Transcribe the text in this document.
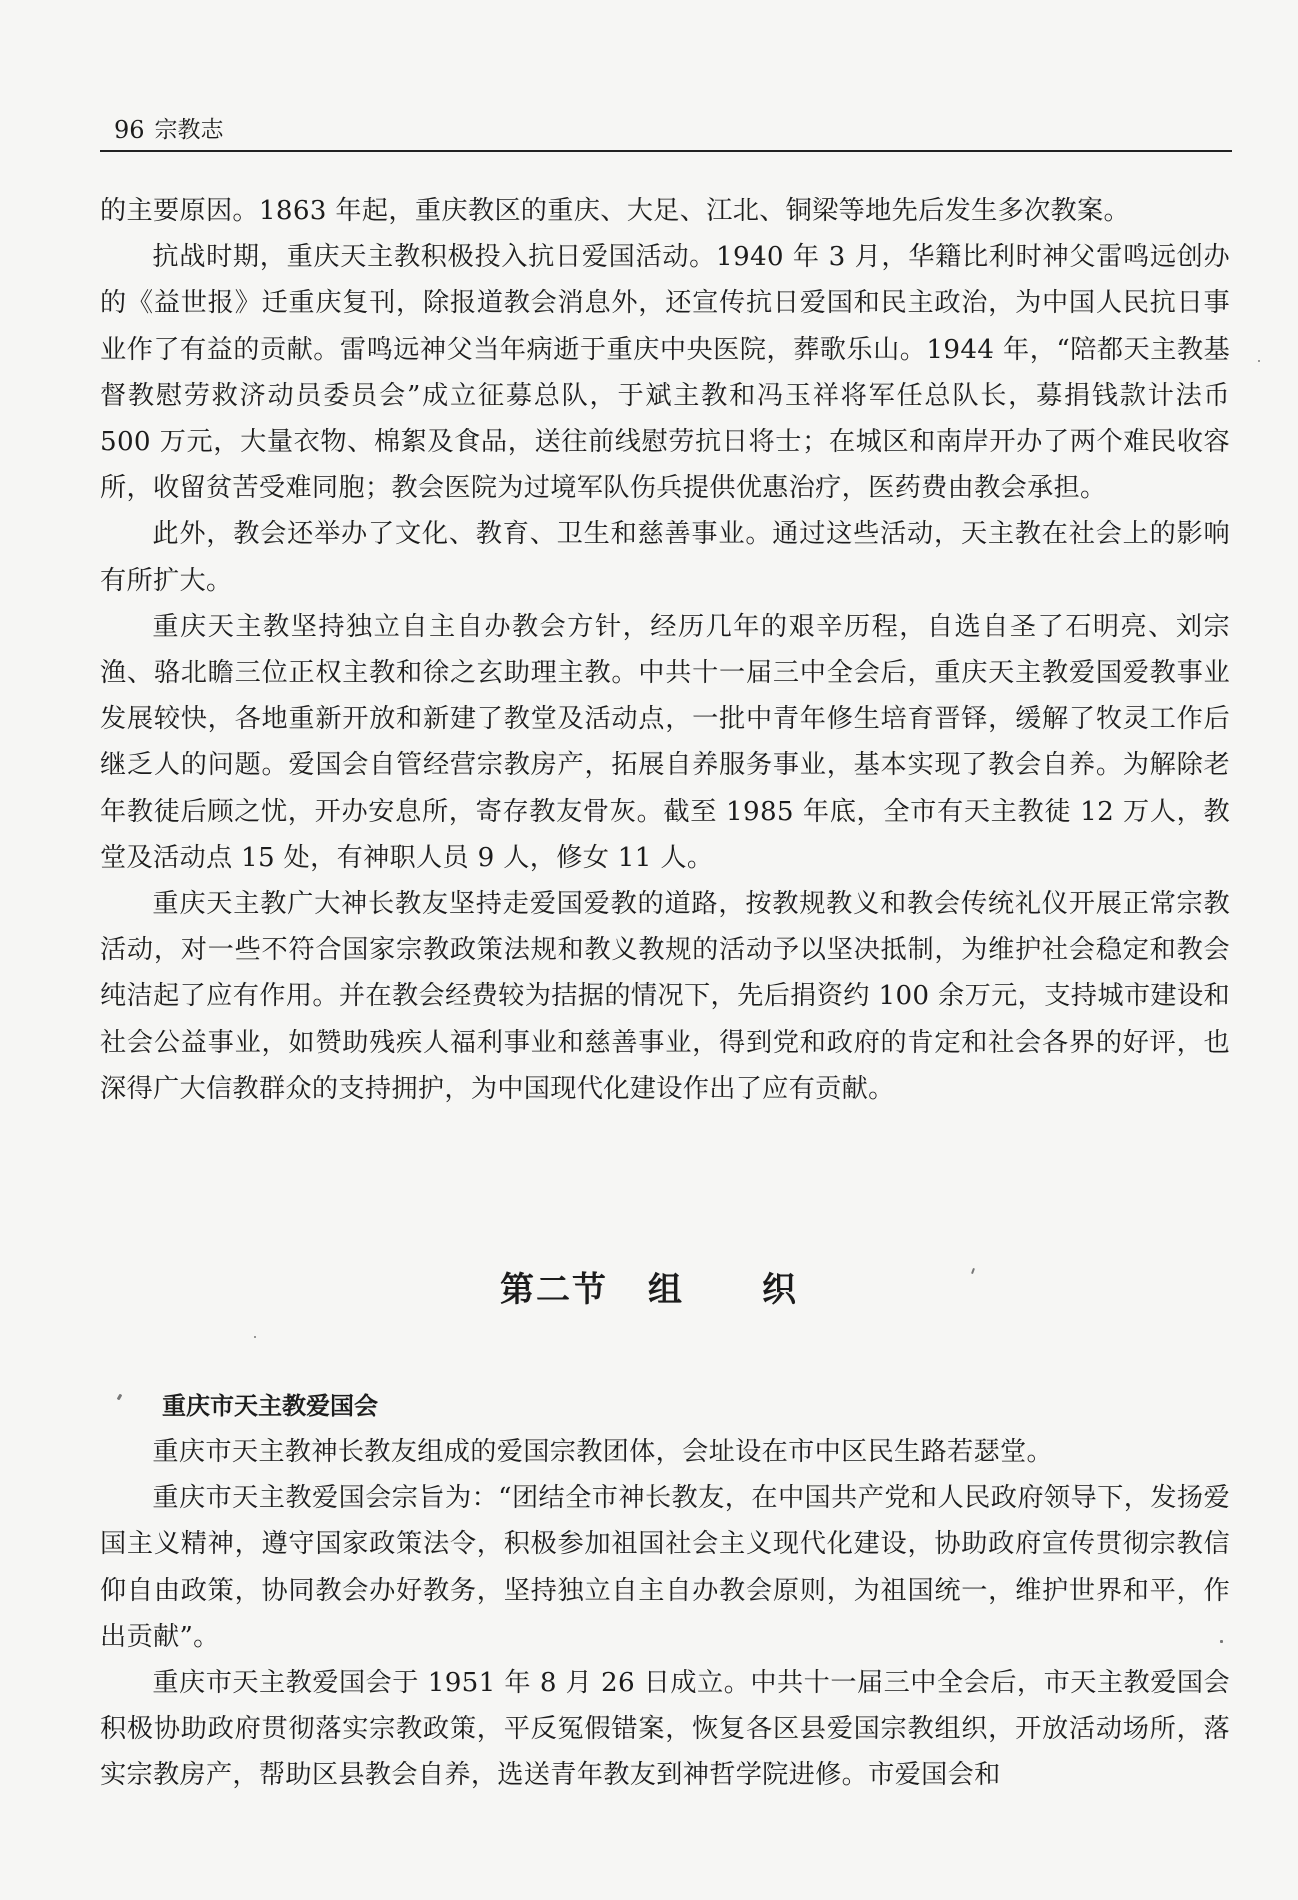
96 宗教志

的主要原因。1863 年起，重庆教区的重庆、大足、江北、铜梁等地先后发生多次教案。

抗战时期，重庆天主教积极投入抗日爱国活动。1940 年 3 月，华籍比利时神父雷鸣远创办的《益世报》迁重庆复刊，除报道教会消息外，还宣传抗日爱国和民主政治，为中国人民抗日事业作了有益的贡献。雷鸣远神父当年病逝于重庆中央医院，葬歌乐山。1944 年，“陪都天主教基督教慰劳救济动员委员会”成立征募总队，于斌主教和冯玉祥将军任总队长，募捐钱款计法币 500 万元，大量衣物、棉絮及食品，送往前线慰劳抗日将士；在城区和南岸开办了两个难民收容所，收留贫苦受难同胞；教会医院为过境军队伤兵提供优惠治疗，医药费由教会承担。

此外，教会还举办了文化、教育、卫生和慈善事业。通过这些活动，天主教在社会上的影响有所扩大。

重庆天主教坚持独立自主自办教会方针，经历几年的艰辛历程，自选自圣了石明亮、刘宗渔、骆北瞻三位正权主教和徐之玄助理主教。中共十一届三中全会后，重庆天主教爱国爱教事业发展较快，各地重新开放和新建了教堂及活动点，一批中青年修生培育晋铎，缓解了牧灵工作后继乏人的问题。爱国会自管经营宗教房产，拓展自养服务事业，基本实现了教会自养。为解除老年教徒后顾之忧，开办安息所，寄存教友骨灰。截至 1985 年底，全市有天主教徒 12 万人，教堂及活动点 15 处，有神职人员 9 人，修女 11 人。

重庆天主教广大神长教友坚持走爱国爱教的道路，按教规教义和教会传统礼仪开展正常宗教活动，对一些不符合国家宗教政策法规和教义教规的活动予以坚决抵制，为维护社会稳定和教会纯洁起了应有作用。并在教会经费较为拮据的情况下，先后捐资约 100 余万元，支持城市建设和社会公益事业，如赞助残疾人福利事业和慈善事业，得到党和政府的肯定和社会各界的好评，也深得广大信教群众的支持拥护，为中国现代化建设作出了应有贡献。

第二节 组 织
重庆市天主教爱国会

重庆市天主教神长教友组成的爱国宗教团体，会址设在市中区民生路若瑟堂。

重庆市天主教爱国会宗旨为：“团结全市神长教友，在中国共产党和人民政府领导下，发扬爱国主义精神，遵守国家政策法令，积极参加祖国社会主义现代化建设，协助政府宣传贯彻宗教信仰自由政策，协同教会办好教务，坚持独立自主自办教会原则，为祖国统一，维护世界和平，作出贡献”。

重庆市天主教爱国会于 1951 年 8 月 26 日成立。中共十一届三中全会后，市天主教爱国会积极协助政府贯彻落实宗教政策，平反冤假错案，恢复各区县爱国宗教组织，开放活动场所，落实宗教房产，帮助区县教会自养，选送青年教友到神哲学院进修。市爱国会和
